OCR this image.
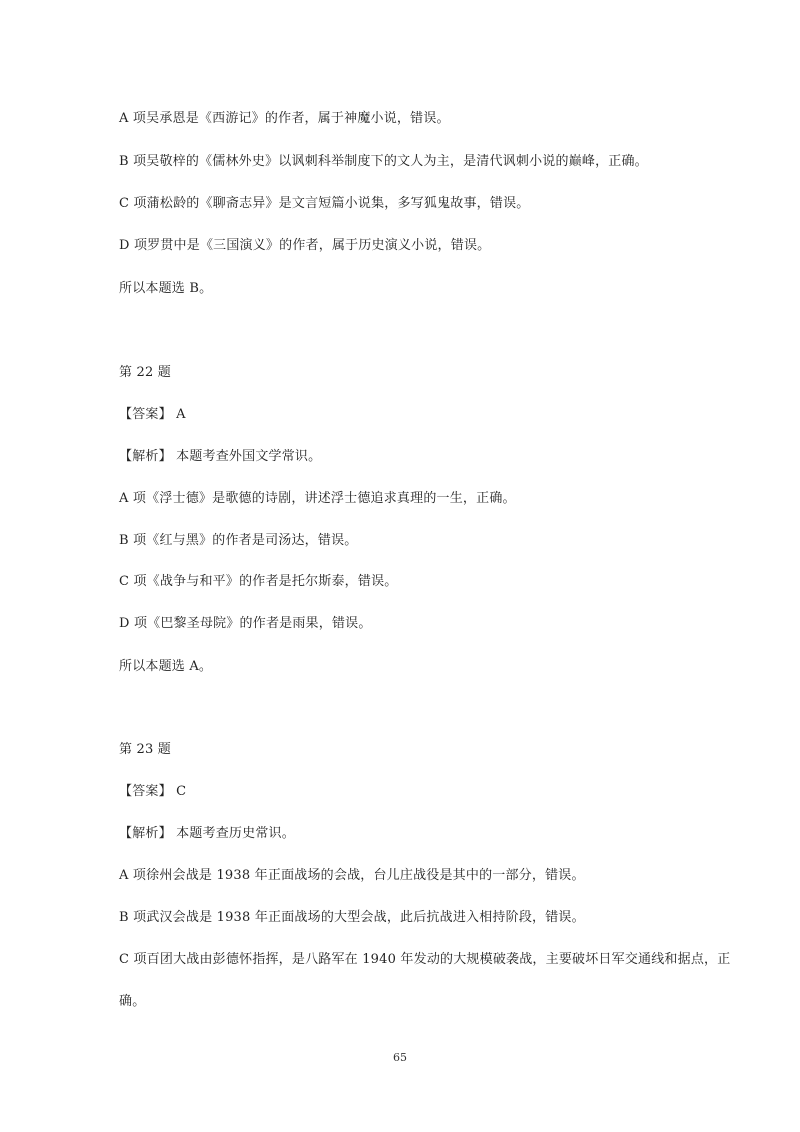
A 项吴承恩是《西游记》的作者，属于神魔小说，错误。
B 项吴敬梓的《儒林外史》以讽刺科举制度下的文人为主，是清代讽刺小说的巅峰，正确。
C 项蒲松龄的《聊斋志异》是文言短篇小说集，多写狐鬼故事，错误。
D 项罗贯中是《三国演义》的作者，属于历史演义小说，错误。
所以本题选 B。
第 22 题
【答案】 A
【解析】 本题考查外国文学常识。
A 项《浮士德》是歌德的诗剧，讲述浮士德追求真理的一生，正确。
B 项《红与黑》的作者是司汤达，错误。
C 项《战争与和平》的作者是托尔斯泰，错误。
D 项《巴黎圣母院》的作者是雨果，错误。
所以本题选 A。
第 23 题
【答案】 C
【解析】 本题考查历史常识。
A 项徐州会战是 1938 年正面战场的会战，台儿庄战役是其中的一部分，错误。
B 项武汉会战是 1938 年正面战场的大型会战，此后抗战进入相持阶段，错误。
C 项百团大战由彭德怀指挥，是八路军在 1940 年发动的大规模破袭战，主要破坏日军交通线和据点，正
确。
65
